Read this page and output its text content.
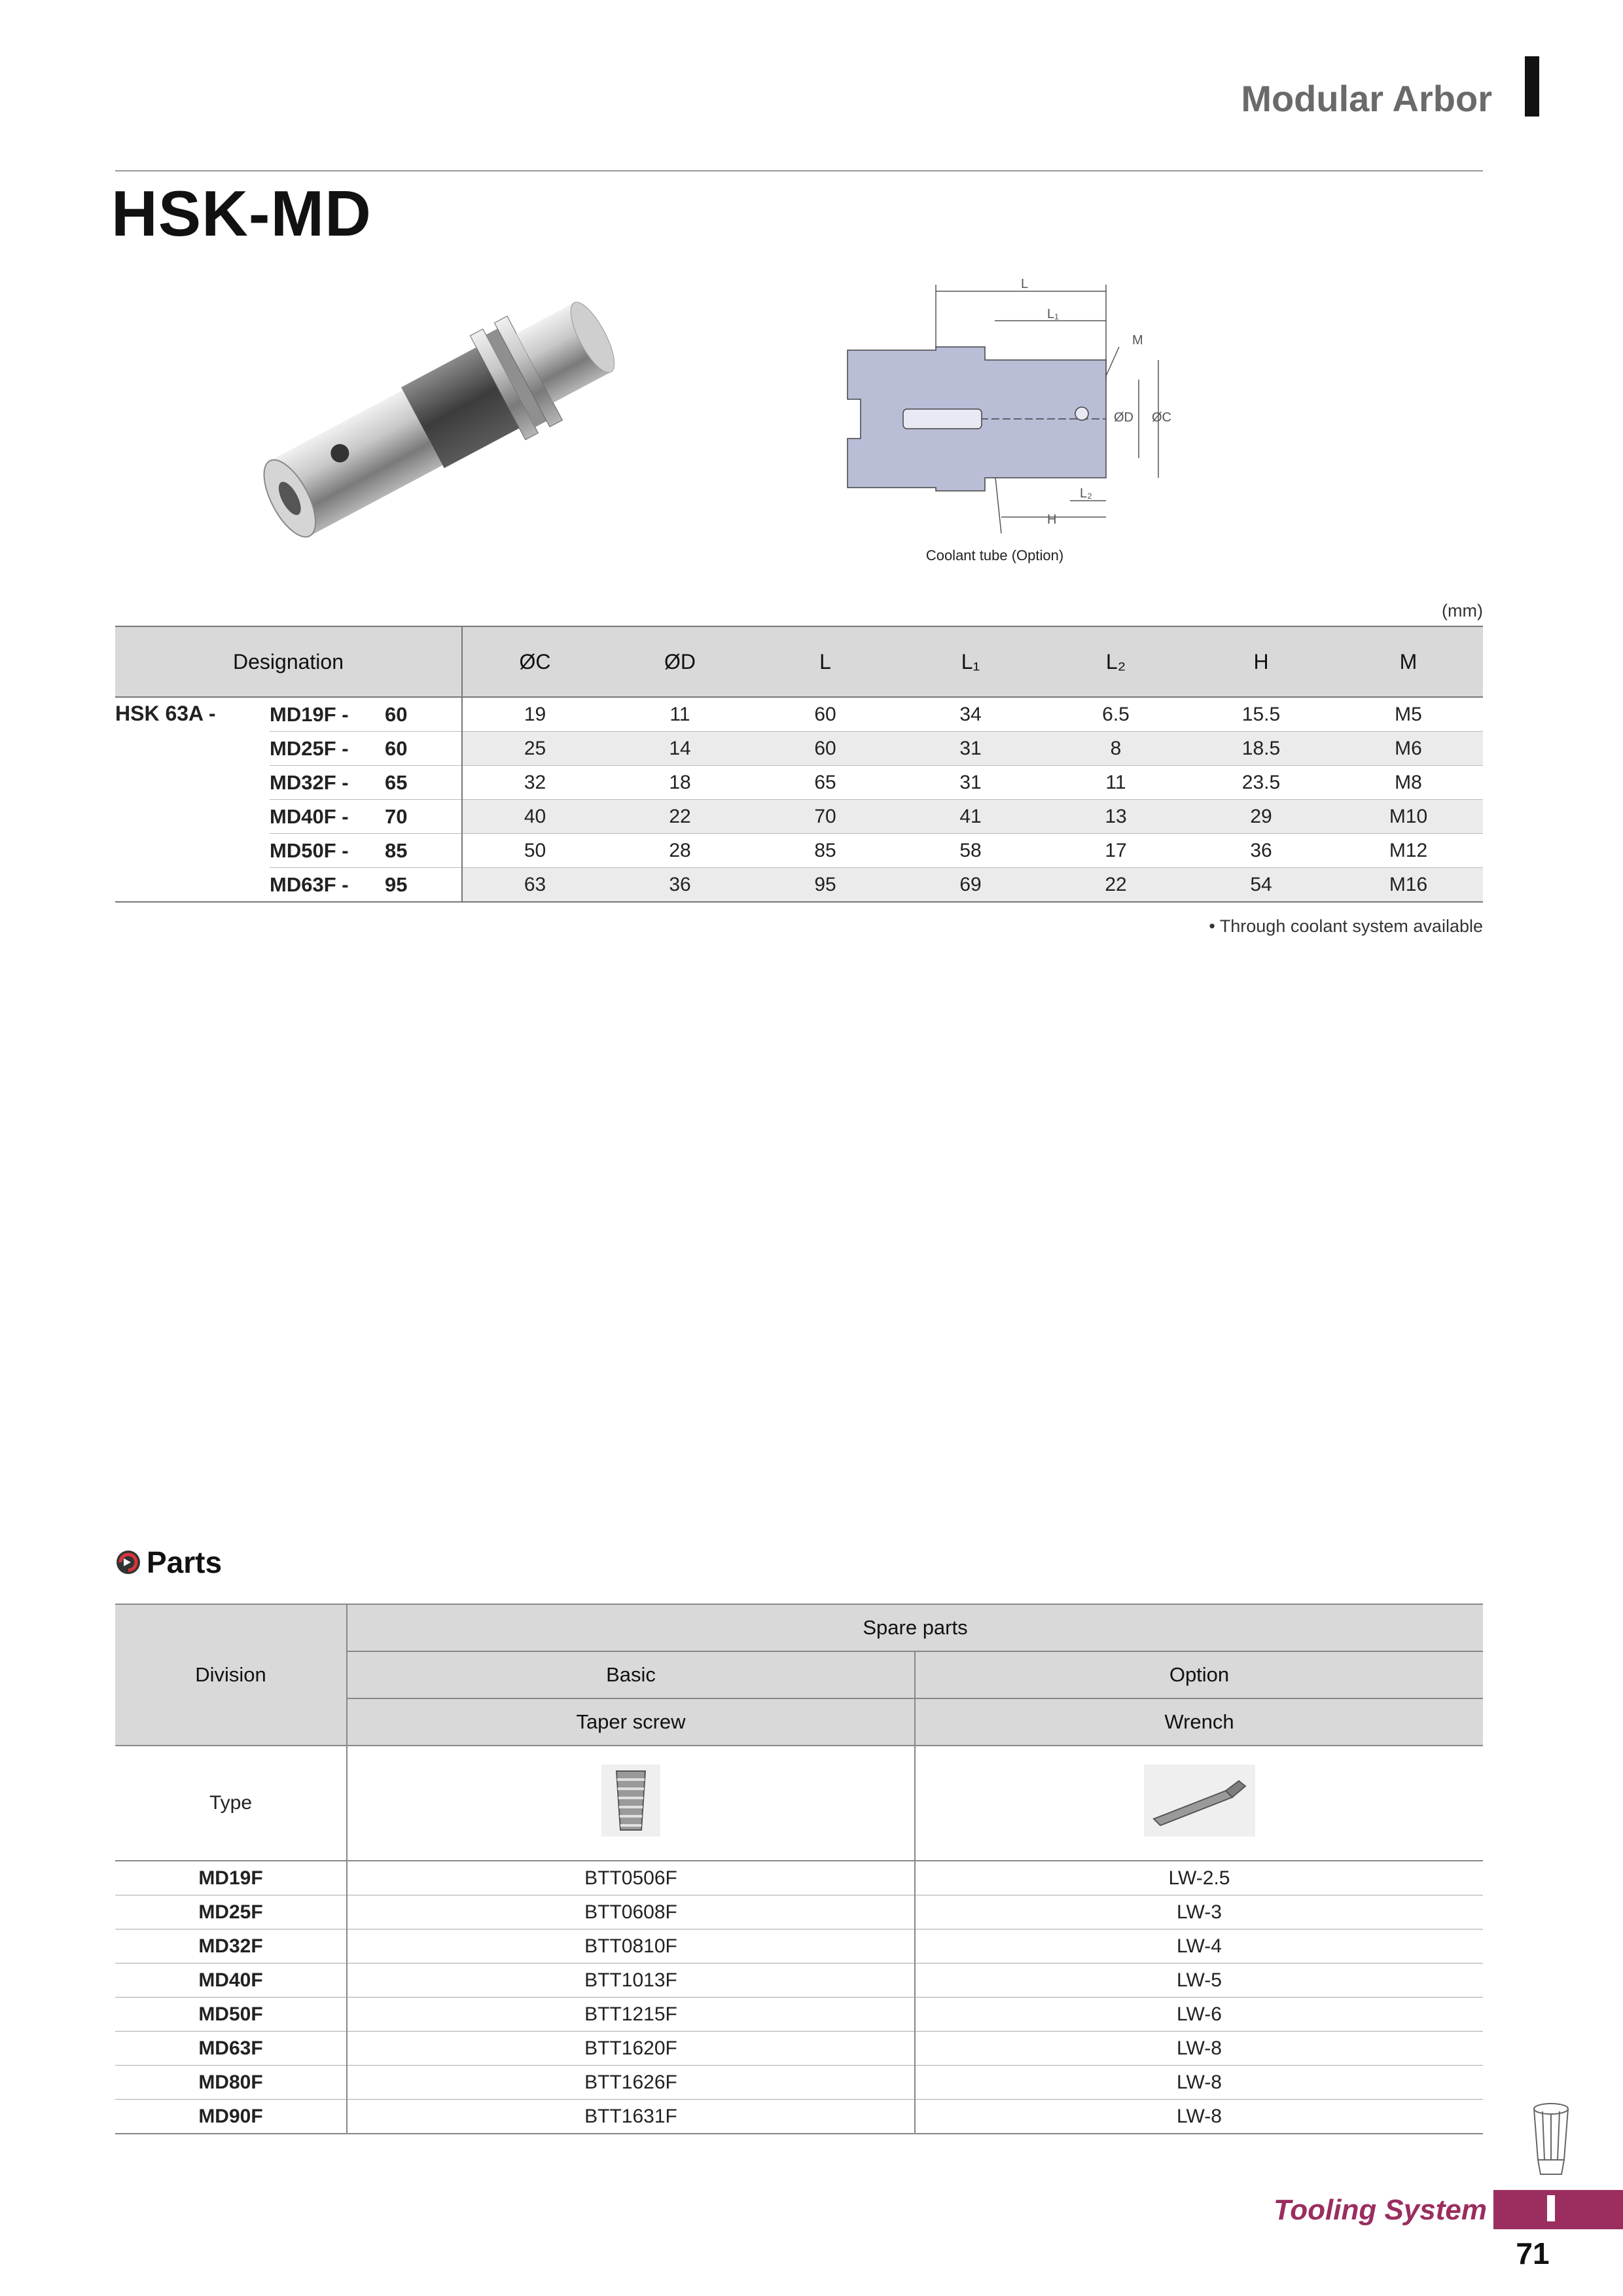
Modular Arbor
HSK-MD
L
L₁
M
ØD ØC
L₂
H
Coolant tube (Option)
(mm)
Designation			ØC	ØD	L	L₁	L₂	H	M
HSK 63A -	MD19F -	60	19	11	60	34	6.5	15.5	M5
	MD25F -	60	25	14	60	31	8	18.5	M6
	MD32F -	65	32	18	65	31	11	23.5	M8
	MD40F -	70	40	22	70	41	13	29	M10
	MD50F -	85	50	28	85	58	17	36	M12
	MD63F -	95	63	36	95	69	22	54	M16
• Through coolant system available
Parts
Division	Spare parts	
	Basic	Option
	Taper screw	Wrench
Type		
MD19F	BTT0506F	LW-2.5
MD25F	BTT0608F	LW-3
MD32F	BTT0810F	LW-4
MD40F	BTT1013F	LW-5
MD50F	BTT1215F	LW-6
MD63F	BTT1620F	LW-8
MD80F	BTT1626F	LW-8
MD90F	BTT1631F	LW-8
Tooling System
71
